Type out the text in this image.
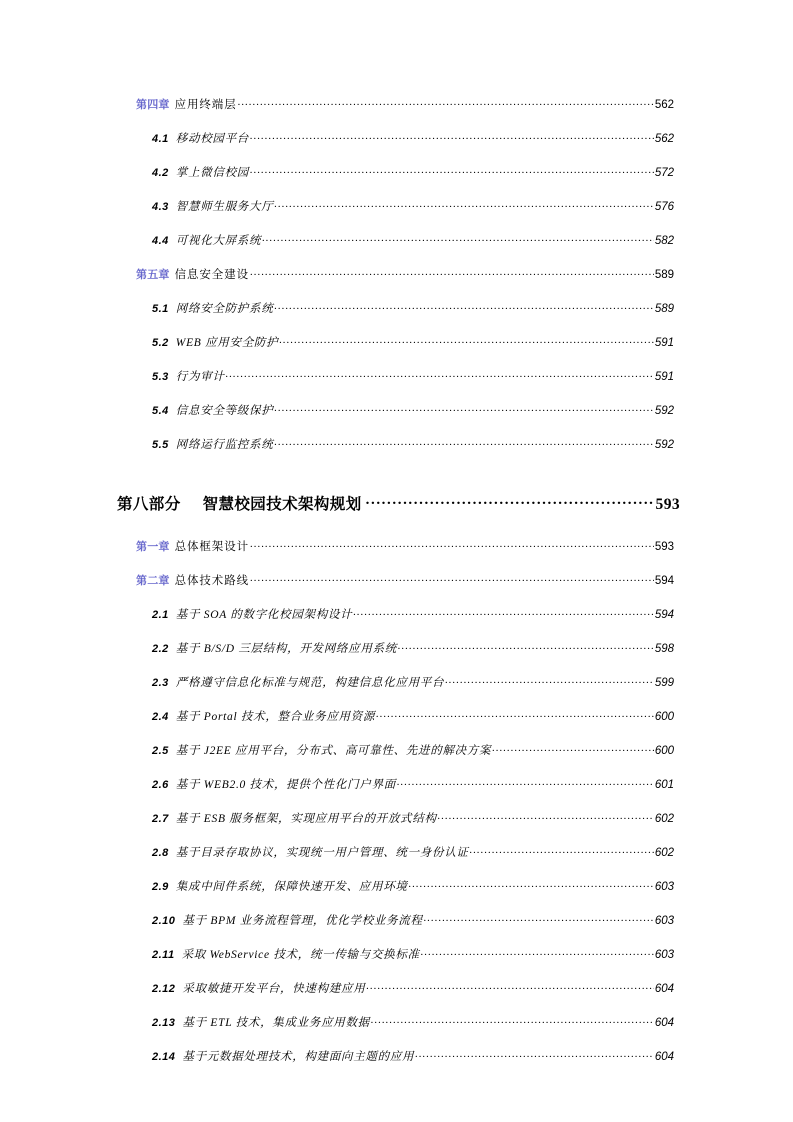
第四章 应用终端层 .....	562
4.1 移动校园平台 .....	562
4.2 掌上微信校园 .....	572
4.3 智慧师生服务大厅 .....	576
4.4 可视化大屏系统 .....	582
第五章 信息安全建设 .....	589
5.1 网络安全防护系统 .....	589
5.2 WEB 应用安全防护 .....	591
5.3 行为审计 .....	591
5.4 信息安全等级保护 .....	592
5.5 网络运行监控系统 .....	592
第八部分 智慧校园技术架构规划 .....	593
第一章 总体框架设计 .....	593
第二章 总体技术路线 .....	594
2.1 基于 SOA 的数字化校园架构设计 .....	594
2.2 基于 B/S/D 三层结构，开发网络应用系统 .....	598
2.3 严格遵守信息化标准与规范，构建信息化应用平台 .....	599
2.4 基于 Portal 技术，整合业务应用资源 .....	600
2.5 基于 J2EE 应用平台，分布式、高可靠性、先进的解决方案 .....	600
2.6 基于 WEB2.0 技术，提供个性化门户界面 .....	601
2.7 基于 ESB 服务框架，实现应用平台的开放式结构 .....	602
2.8 基于目录存取协议，实现统一用户管理、统一身份认证 .....	602
2.9 集成中间件系统，保障快速开发、应用环境 .....	603
2.10 基于 BPM 业务流程管理，优化学校业务流程 .....	603
2.11 采取 WebService 技术，统一传输与交换标准 .....	603
2.12 采取敏捷开发平台，快速构建应用 .....	604
2.13 基于 ETL 技术，集成业务应用数据 .....	604
2.14 基于元数据处理技术，构建面向主题的应用 .....	604
